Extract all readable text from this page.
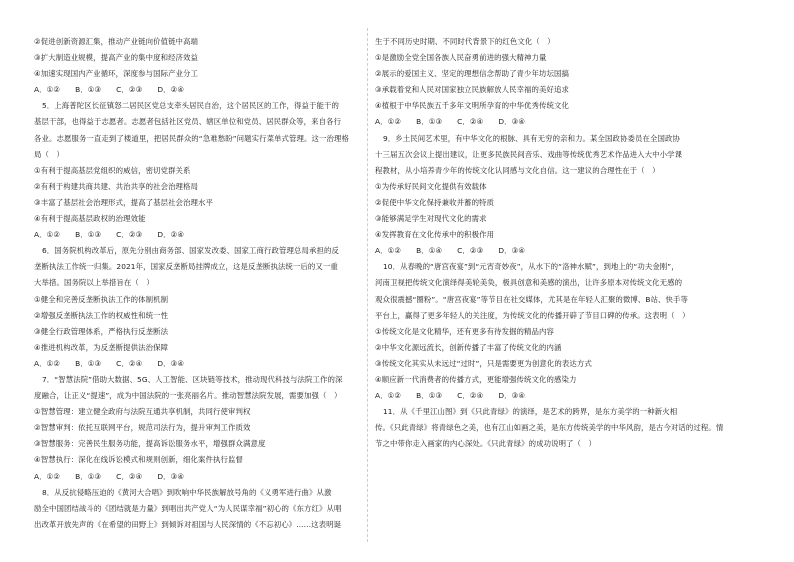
②促进创新资源汇集，推动产业链向价值链中高端
③扩大制造业规模，提高产业的集中度和经济效益
④加速实现国内产业循环，深度参与国际产业分工
A．①②　　B．①③　　C．②③　　D．②④
5．上海普陀区长征镇怒二居民区党总支牵头居民自治，这个居民区的工作，得益于能干的
基层干部，也得益于志愿者。志愿者包括社区党员、辖区单位和党员、居民群众等，来自各行
各业。志愿服务一直走到了楼道里，把居民群众的“急难愁盼”问题实行菜单式管理。这一治理格
局（　）
①有利于提高基层党组织的威信，密切党群关系
②有利于构建共商共建、共治共享的社会治理格局
③丰富了基层社会治理形式，提高了基层社会治理水平
④有利于提高基层政权的治理效能
A．①②　　B．①③　　C．②③　　D．②④
6．国务院机构改革后，原先分别由商务部、国家发改委、国家工商行政管理总局承担的反
垄断执法工作统一归集。2021年，国家反垄断局挂牌成立，这是反垄断执法统一后的又一重
大举措。国务院以上举措旨在（　）
①健全和完善反垄断执法工作的体制机制
②增强反垄断执法工作的权威性和统一性
③健全行政管理体系，严格执行反垄断法
④推进机构改革，为反垄断提供法治保障
A．①②　　B．①③　　C．②④　　D．③④
7．“智慧法院”借助大数据、5G、人工智能、区块链等技术，推动现代科技与法院工作的深
度融合，让正义“提速”，成为中国法院的一张亮丽名片。推动智慧法院发展，需要加强（　）
①智慧管理：建立健全政府与法院互通共享机制，共同行使审判权
②智慧审判：依托互联网平台，规范司法行为，提升审判工作质效
③智慧服务：完善民生服务功能，提高诉讼服务水平，增强群众满意度
④智慧执行：深化在线诉讼模式和规则创新，细化案件执行监督
A．①②　　B．①③　　C．②④　　D．③④
8．从反抗侵略压迫的《黄河大合唱》到吹响中华民族解放号角的《义勇军进行曲》从激
励全中国团结战斗的《团结就是力量》到唱出共产党人“为人民谋幸福”初心的《东方红》从唱
出改革开放先声的《在希望的田野上》到倾诉对祖国与人民深情的《不忘初心》……这表明诞
生于不同历史时期、不同时代背景下的红色文化（　）
①是激励全党全国各族人民奋勇前进的强大精神力量
②展示的爱国主义、坚定的理想信念帮助了青少年坊坛国搞
③承载着党和人民对国家独立民族解放人民幸福的美好追求
④植根于中华民族五千多年文明所孕育的中华优秀传统文化
A．①②　　B．①③　　C．②④　　D．③④
9．乡土民间艺术里，有中华文化的根脉、具有无穷的亲和力。某全国政协委员在全国政协
十三届五次会议上提出建议，让更多民族民间音乐、戏曲等传统优秀艺术作品进入大中小学课
程教材，从小培养青少年的传统文化认同感与文化自信。这一建议的合理性在于（　）
①为传承好民间文化提供有效载体
②促使中华文化保持兼收并蓄的特质
③能够满足学生对现代文化的需求
④发挥教育在文化传承中的积极作用
A．①②　　B．①④　　C．②③　　D．③④
10．从春晚的“唐宫夜宴”到“元宵奇妙夜”，从水下的“洛神水赋”，到地上的“功夫金刚”，
河南卫视把传统文化演绎得美轮美奂，极具创意和美感的演出，让许多原本对传统文化无感的
观众很震撼“圈粉”。“唐宫夜宴”等节目在社交媒体，尤其是在年轻人汇聚的微博、B站、快手等
平台上，赢得了更多年轻人的关注度，为传统文化的传播开辟了节目口碑的传承。这表明（　）
①传统文化是文化精华，还有更多有待发掘的精品内容
②中华文化源远流长，创新传播了丰富了传统文化的内涵
③传统文化其实从未远过“过时”，只是需要更为创意化的表达方式
④顺应新一代消费者的传播方式，更能增强传统文化的感染力
A．①②　　B．①③　　C．②④　　D．③④
11．从《千里江山图》到《只此青绿》的演绎，是艺术的跨界，是东方美学的一种新火相
传。《只此青绿》将青绿色之美，也有江山如画之美，是东方传统美学的中华风韵，是古今对话的过程。情
节之中带你走入画家的内心深处。《只此青绿》的成功说明了（　）
